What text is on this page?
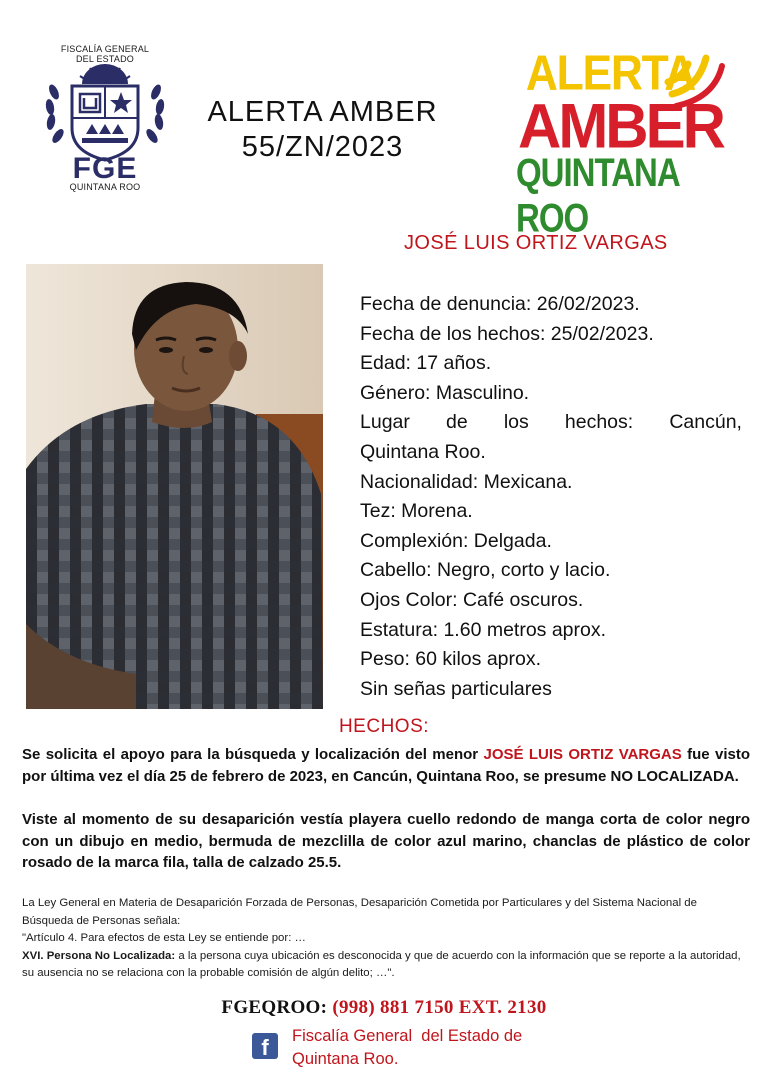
FISCALÍA GENERAL
DEL ESTADO
FGE
QUINTANA ROO
ALERTA AMBER
55/ZN/2023
ALERTA
AMBER
QUINTANA ROO
JOSÉ LUIS ORTIZ VARGAS
Fecha de denuncia: 26/02/2023.
Fecha de los hechos: 25/02/2023.
Edad: 17 años.
Género: Masculino.
Lugar de los hechos: Cancún,
Quintana Roo.
Nacionalidad: Mexicana.
Tez: Morena.
Complexión: Delgada.
Cabello: Negro, corto y lacio.
Ojos Color: Café oscuros.
Estatura: 1.60 metros aprox.
Peso: 60 kilos aprox.
Sin señas particulares
HECHOS:

Se solicita el apoyo para la búsqueda y localización del menor JOSÉ LUIS ORTIZ VARGAS fue visto por última vez el día 25 de febrero de 2023, en Cancún, Quintana Roo, se presume NO LOCALIZADA.

Viste al momento de su desaparición vestía playera cuello redondo de manga corta de color negro con un dibujo en medio, bermuda de mezclilla de color azul marino, chanclas de plástico de color rosado de la marca fila, talla de calzado 25.5.

La Ley General en Materia de Desaparición Forzada de Personas, Desaparición Cometida por Particulares y del Sistema Nacional de Búsqueda de Personas señala:
"Artículo 4. Para efectos de esta Ley se entiende por: …
XVI. Persona No Localizada: a la persona cuya ubicación es desconocida y que de acuerdo con la información que se reporte a la autoridad, su ausencia no se relaciona con la probable comisión de algún delito; …".
FGEQROO: (998) 881 7150 EXT. 2130
f	Fiscalía General  del Estado de
Quintana Roo.
